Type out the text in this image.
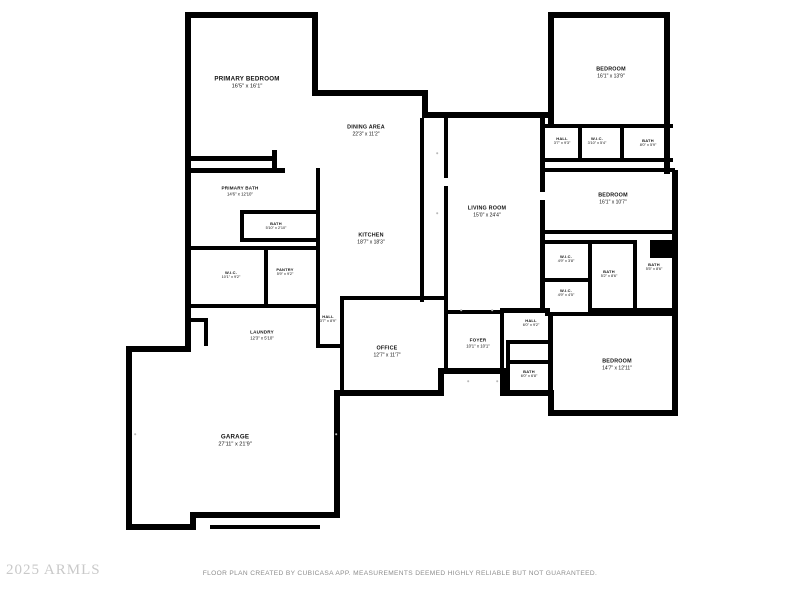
PRIMARY BEDROOM
16'5" x 16'1"
DINING AREA
22'3" x 11'2"
PRIMARY BATH
14'6" x 12'10"
BATH
5'10" x 2'10"
KITCHEN
18'7" x 18'3"
W.I.C.
10'1" x 9'2"
PANTRY
5'9" x 9'2"
HALL
3'7" x 8'9"
LAUNDRY
12'3" x 5'10"
OFFICE
12'7" x 11'7"
GARAGE
27'11" x 21'9"
LIVING ROOM
15'0" x 24'4"
FOYER
10'1" x 10'1"
BEDROOM
16'1" x 13'9"
HALL
3'7" x 9'3"
W.I.C.
3'10" x 5'4"	BATH
8'0" x 5'9"
BEDROOM
16'1" x 10'7"
W.I.C.
4'9" x 3'8"
W.I.C.
4'9" x 4'5"
BATH
5'2" x 8'6"
BATH
5'5" x 8'6"
HALL
6'0" x 9'2"
BATH
6'0" x 6'8"
BEDROOM
14'7" x 12'11"
2025 ARMLS	FLOOR PLAN CREATED BY CUBICASA APP. MEASUREMENTS DEEMED HIGHLY RELIABLE BUT NOT GUARANTEED.
